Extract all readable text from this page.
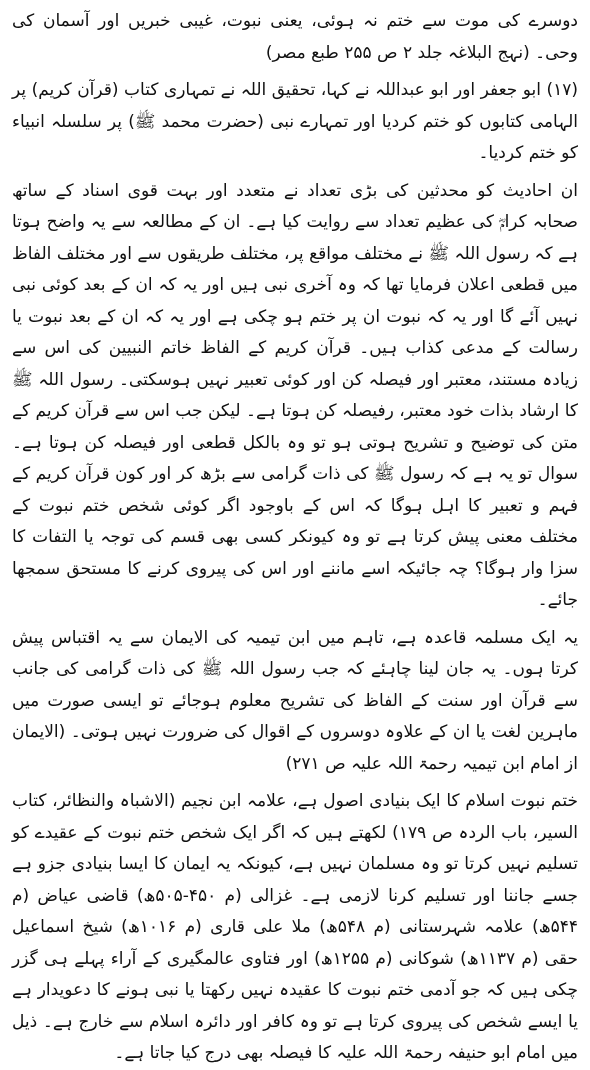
دوسرے کی موت سے ختم نہ ہوئی، یعنی نبوت، غیبی خبریں اور آسمان کی وحی۔ (نہج البلاغہ جلد ۲ ص ۲۵۵ طبع مصر)

(۱۷) ابو جعفر اور ابو عبداللہ نے کہا، تحقیق اللہ نے تمہاری کتاب (قرآن کریم) پر الہامی کتابوں کو ختم کردیا اور تمہارے نبی (حضرت محمد ﷺ) پر سلسلہ انبیاء کو ختم کردیا۔

ان احادیث کو محدثین کی بڑی تعداد نے متعدد اور بہت قوی اسناد کے ساتھ صحابہ کرامؓ کی عظیم تعداد سے روایت کیا ہے۔ ان کے مطالعہ سے یہ واضح ہوتا ہے کہ رسول اللہ ﷺ نے مختلف مواقع پر، مختلف طریقوں سے اور مختلف الفاظ میں قطعی اعلان فرمایا تھا کہ وہ آخری نبی ہیں اور یہ کہ ان کے بعد کوئی نبی نہیں آئے گا اور یہ کہ نبوت ان پر ختم ہو چکی ہے اور یہ کہ ان کے بعد نبوت یا رسالت کے مدعی کذاب ہیں۔ قرآن کریم کے الفاظ خاتم النبیین کی اس سے زیادہ مستند، معتبر اور فیصلہ کن اور کوئی تعبیر نہیں ہوسکتی۔ رسول اللہ ﷺ کا ارشاد بذات خود معتبر، رفیصلہ کن ہوتا ہے۔ لیکن جب اس سے قرآن کریم کے متن کی توضیح و تشریح ہوتی ہو تو وہ بالکل قطعی اور فیصلہ کن ہوتا ہے۔ سوال تو یہ ہے کہ رسول ﷺ کی ذات گرامی سے بڑھ کر اور کون قرآن کریم کے فہم و تعبیر کا اہل ہوگا کہ اس کے باوجود اگر کوئی شخص ختم نبوت کے مختلف معنی پیش کرتا ہے تو وہ کیونکر کسی بھی قسم کی توجہ یا التفات کا سزا وار ہوگا؟ چہ جائیکہ اسے ماننے اور اس کی پیروی کرنے کا مستحق سمجھا جائے۔

یہ ایک مسلمہ قاعدہ ہے، تاہم میں ابن تیمیہ کی الایمان سے یہ اقتباس پیش کرتا ہوں۔ یہ جان لینا چاہئے کہ جب رسول اللہ ﷺ کی ذات گرامی کی جانب سے قرآن اور سنت کے الفاظ کی تشریح معلوم ہوجائے تو ایسی صورت میں ماہرین لغت یا ان کے علاوہ دوسروں کے اقوال کی ضرورت نہیں ہوتی۔ (الایمان از امام ابن تیمیہ رحمۃ اللہ علیہ ص ۲۷۱)

ختم نبوت اسلام کا ایک بنیادی اصول ہے، علامہ ابن نجیم (الاشباہ والنظائر، کتاب السیر، باب الردہ ص ۱۷۹) لکھتے ہیں کہ اگر ایک شخص ختم نبوت کے عقیدے کو تسلیم نہیں کرتا تو وہ مسلمان نہیں ہے، کیونکہ یہ ایمان کا ایسا بنیادی جزو ہے جسے جاننا اور تسلیم کرنا لازمی ہے۔ غزالی (م ۴۵۰-۵۰۵ھ) قاضی عیاض (م ۵۴۴ھ) علامہ شہرستانی (م ۵۴۸ھ) ملا علی قاری (م ۱۰۱۶ھ) شیخ اسماعیل حقی (م ۱۱۳۷ھ) شوکانی (م ۱۲۵۵ھ) اور فتاوی عالمگیری کے آراء پہلے ہی گزر چکی ہیں کہ جو آدمی ختم نبوت کا عقیدہ نہیں رکھتا یا نبی ہونے کا دعویدار ہے یا ایسے شخص کی پیروی کرتا ہے تو وہ کافر اور دائرہ اسلام سے خارج ہے۔ ذیل میں امام ابو حنیفہ رحمۃ اللہ علیہ کا فیصلہ بھی درج کیا جاتا ہے۔
